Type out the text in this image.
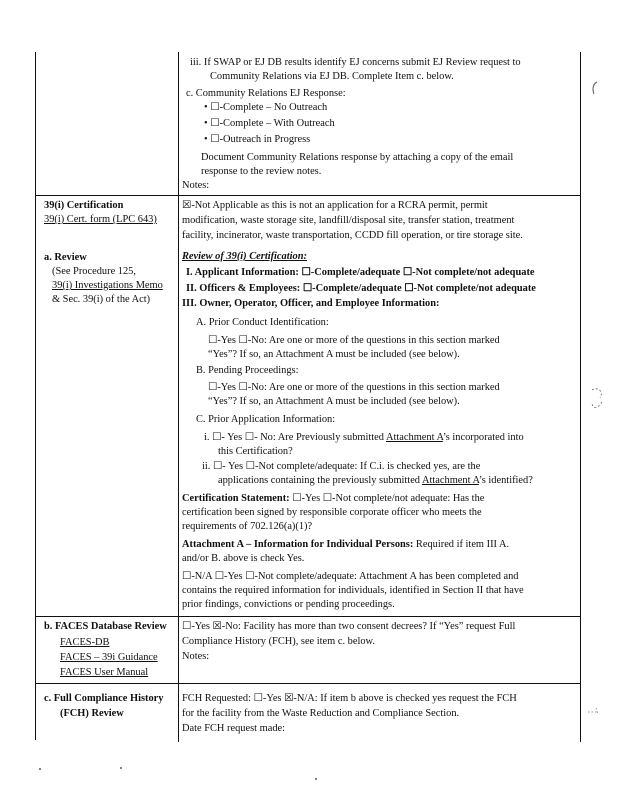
iii. If SWAP or EJ DB results identify EJ concerns submit EJ Review request to
Community Relations via EJ DB. Complete Item c. below.
c. Community Relations EJ Response:
• ☐-Complete – No Outreach
• ☐-Complete – With Outreach
• ☐-Outreach in Progress
Document Community Relations response by attaching a copy of the email
response to the review notes.
Notes:
39(i) Certification
39(i) Cert. form (LPC 643)
a. Review
(See Procedure 125,
39(i) Investigations Memo
& Sec. 39(i) of the Act)
☒-Not Applicable as this is not an application for a RCRA permit, permit
modification, waste storage site, landfill/disposal site, transfer station, treatment
facility, incinerator, waste transportation, CCDD fill operation, or tire storage site.
Review of 39(i) Certification:
I. Applicant Information: ☐-Complete/adequate ☐-Not complete/not adequate
II. Officers & Employees: ☐-Complete/adequate ☐-Not complete/not adequate
III. Owner, Operator, Officer, and Employee Information:
A. Prior Conduct Identification:
☐-Yes ☐-No: Are one or more of the questions in this section marked
“Yes”? If so, an Attachment A must be included (see below).
B. Pending Proceedings:
☐-Yes ☐-No: Are one or more of the questions in this section marked
“Yes”? If so, an Attachment A must be included (see below).
C. Prior Application Information:
i. ☐- Yes ☐- No: Are Previously submitted Attachment A’s incorporated into
this Certification?
ii. ☐- Yes ☐-Not complete/adequate: If C.i. is checked yes, are the
applications containing the previously submitted Attachment A’s identified?
Certification Statement: ☐-Yes ☐-Not complete/not adequate: Has the
certification been signed by responsible corporate officer who meets the
requirements of 702.126(a)(1)?
Attachment A – Information for Individual Persons: Required if item III A.
and/or B. above is check Yes.
☐-N/A ☐-Yes ☐-Not complete/adequate: Attachment A has been completed and
contains the required information for individuals, identified in Section II that have
prior findings, convictions or pending proceedings.
b. FACES Database Review
FACES-DB
FACES – 39i Guidance
FACES User Manual
☐-Yes ☒-No: Facility has more than two consent decrees? If “Yes” request Full
Compliance History (FCH), see item c. below.
Notes:
c. Full Compliance History
(FCH) Review
FCH Requested: ☐-Yes ☒-N/A: If item b above is checked yes request the FCH
for the facility from the Waste Reduction and Compliance Section.
Date FCH request made:
